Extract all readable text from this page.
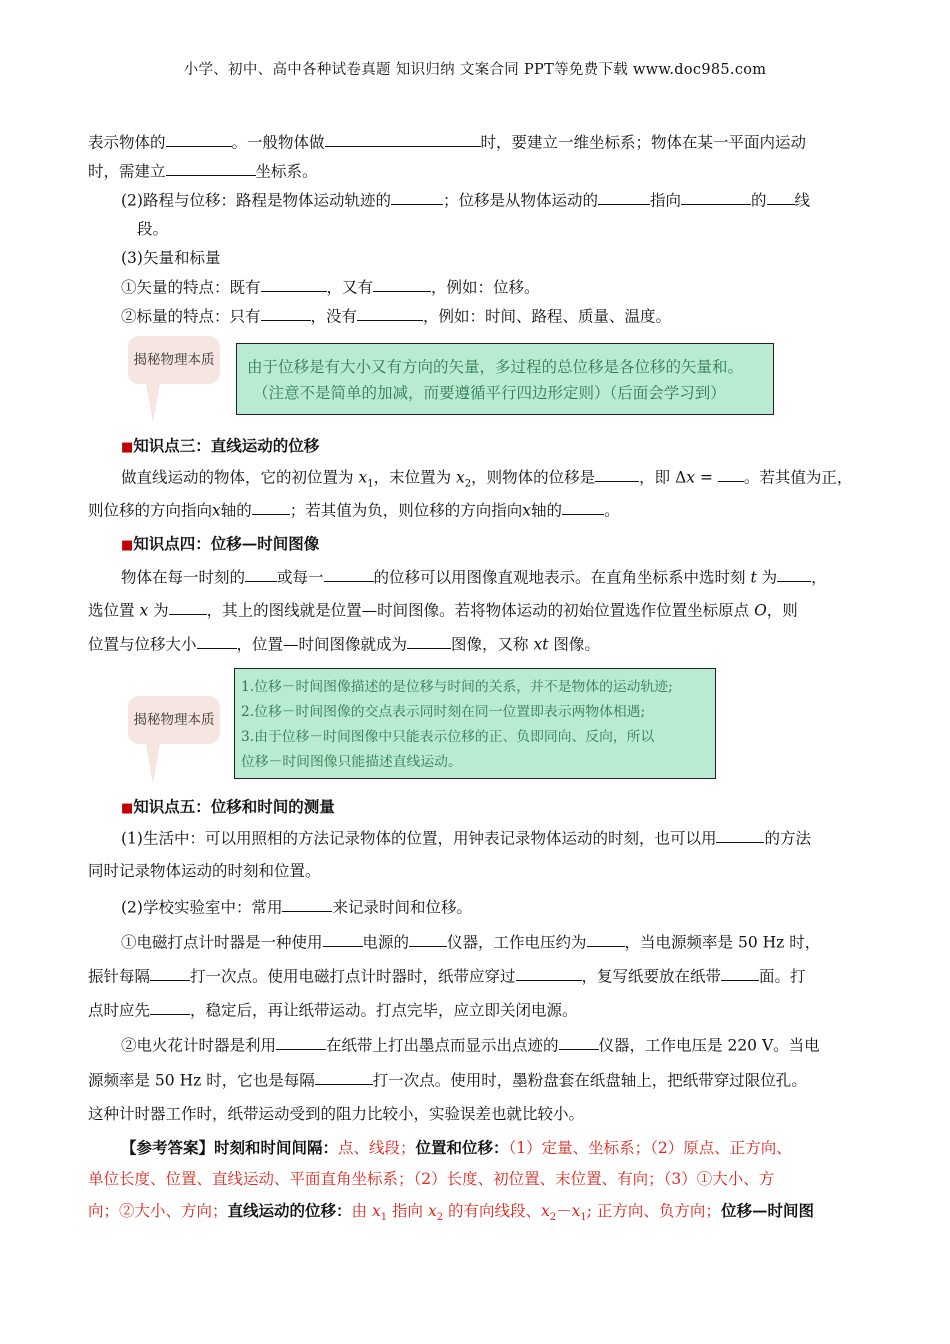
小学、初中、高中各种试卷真题 知识归纳 文案合同 PPT等免费下载 www.doc985.com
表示物体的	。一般物体做	时，要建立一维坐标系；物体在某一平面内运动
时，需建立	坐标系。
(2)路程与位移：路程是物体运动轨迹的	；位移是从物体运动的	指向	的 线
段。
(3)矢量和标量
①矢量的特点：既有	，又有	，例如：位移。
②标量的特点：只有	，没有	，例如：时间、路程、质量、温度。
揭秘物理本质	由于位移是有大小又有方向的矢量，多过程的总位移是各位移的矢量和。

（注意不是简单的加减，而要遵循平行四边形定则）（后面会学习到）

■知识点三：直线运动的位移
做直线运动的物体，它的初位置为 $x_1$，末位置为 $x_2$，则物体的位移是	，即 Δx = 。若其值为正，
则位移的方向指向x轴的 ；若其值为负，则位移的方向指向x轴的	。
■知识点四：位移—时间图像
物体在每一时刻的 或每一	的位移可以用图像直观地表示。在直角坐标系中选时刻 t 为 ，
选位置 x 为 ，其上的图线就是位置—时间图像。若将物体运动的初始位置选作位置坐标原点 O，则
位置与位移大小	，位置—时间图像就成为	图像，又称 xt 图像。
揭秘物理本质

1.位移－时间图像描述的是位移与时间的关系，并不是物体的运动轨迹;

2.位移－时间图像的交点表示同时刻在同一位置即表示两物体相遇;

3.由于位移－时间图像中只能表示位移的正、负即同向、反向，所以

位移－时间图像只能描述直线运动。

■知识点五：位移和时间的测量
(1)生活中：可以用照相的方法记录物体的位置，用钟表记录物体运动的时刻，也可以用	的方法
同时记录物体运动的时刻和位置。
(2)学校实验室中：常用	来记录时间和位移。
①电磁打点计时器是一种使用	电源的 仪器，工作电压约为 ，当电源频率是 50 Hz 时，
振针每隔	打一次点。使用电磁打点计时器时，纸带应穿过	，复写纸要放在纸带 面。打
点时应先	，稳定后，再让纸带运动。打点完毕，应立即关闭电源。
②电火花计时器是利用	在纸带上打出墨点而显示出点迹的	仪器，工作电压是 220 V。当电
源频率是 50 Hz 时，它也是每隔	打一次点。使用时，墨粉盘套在纸盘轴上，把纸带穿过限位孔。
这种计时器工作时，纸带运动受到的阻力比较小，实验误差也就比较小。
【参考答案】时刻和时间间隔：点、线段；位置和位移：（1）定量、坐标系；（2）原点、正方向、
单位长度、位置、直线运动、平面直角坐标系；（2）长度、初位置、末位置、有向；（3）①大小、方
向；②大小、方向；直线运动的位移：由 $x_1$ 指向 $x_2$ 的有向线段、$x_2-x_1$; 正方向、负方向；位移—时间图
